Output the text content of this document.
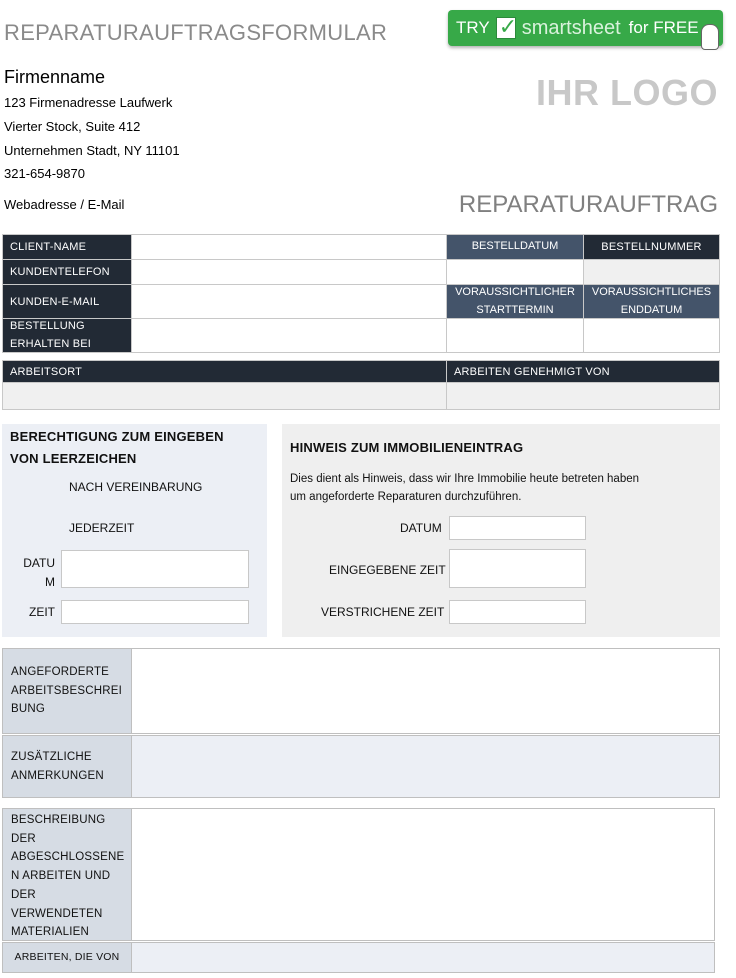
REPARATURAUFTRAGSFORMULAR	TRY
✓ smartsheet for FREE
Firmenname
123 Firmenadresse Laufwerk
Vierter Stock, Suite 412
Unternehmen Stadt, NY 11101
321-654-9870
Webadresse / E-Mail
IHR LOGO
REPARATURAUFTRAG
CLIENT-NAME	BESTELLDATUM	BESTELLNUMMER
KUNDENTELEFON
KUNDEN-E-MAIL
VORAUSSICHTLICHER
STARTTERMIN
VORAUSSICHTLICHES
ENDDATUM
BESTELLUNG
ERHALTEN BEI
ARBEITSORT	ARBEITEN GENEHMIGT VON
BERECHTIGUNG ZUM EINGEBEN
VON LEERZEICHEN
NACH VEREINBARUNG
JEDERZEIT
DATU
M
ZEIT
HINWEIS ZUM IMMOBILIENEINTRAG
Dies dient als Hinweis, dass wir Ihre Immobilie heute betreten haben
um angeforderte Reparaturen durchzuführen.
DATUM
EINGEGEBENE ZEIT
VERSTRICHENE ZEIT
ANGEFORDERTE
ARBEITSBESCHREI
BUNG
ZUSÄTZLICHE
ANMERKUNGEN
BESCHREIBUNG
DER
ABGESCHLOSSENE
N ARBEITEN UND
DER
VERWENDETEN
MATERIALIEN
ARBEITEN, DIE VON
